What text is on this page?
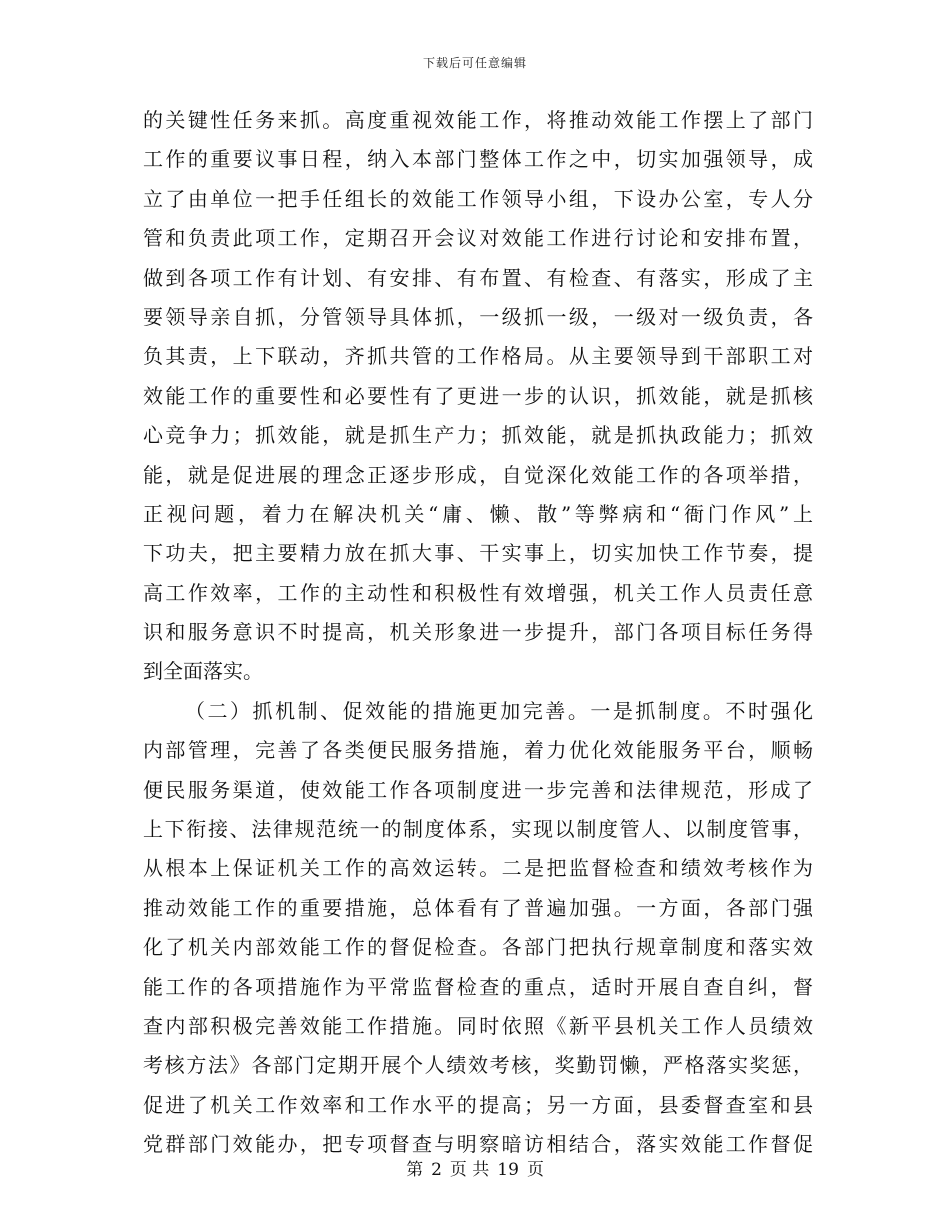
下载后可任意编辑
的关键性任务来抓。高度重视效能工作，将推动效能工作摆上了部门
工作的重要议事日程，纳入本部门整体工作之中，切实加强领导，成
立了由单位一把手任组长的效能工作领导小组，下设办公室，专人分
管和负责此项工作，定期召开会议对效能工作进行讨论和安排布置，
做到各项工作有计划、有安排、有布置、有检查、有落实，形成了主
要领导亲自抓，分管领导具体抓，一级抓一级，一级对一级负责，各
负其责，上下联动，齐抓共管的工作格局。从主要领导到干部职工对
效能工作的重要性和必要性有了更进一步的认识，抓效能，就是抓核
心竞争力；抓效能，就是抓生产力；抓效能，就是抓执政能力；抓效
能，就是促进展的理念正逐步形成，自觉深化效能工作的各项举措，
正视问题，着力在解决机关“庸、懒、散”等弊病和“衙门作风”上
下功夫，把主要精力放在抓大事、干实事上，切实加快工作节奏，提
高工作效率，工作的主动性和积极性有效增强，机关工作人员责任意
识和服务意识不时提高，机关形象进一步提升，部门各项目标任务得
到全面落实。
（二）抓机制、促效能的措施更加完善。一是抓制度。不时强化
内部管理，完善了各类便民服务措施，着力优化效能服务平台，顺畅
便民服务渠道，使效能工作各项制度进一步完善和法律规范，形成了
上下衔接、法律规范统一的制度体系，实现以制度管人、以制度管事，
从根本上保证机关工作的高效运转。二是把监督检查和绩效考核作为
推动效能工作的重要措施，总体看有了普遍加强。一方面，各部门强
化了机关内部效能工作的督促检查。各部门把执行规章制度和落实效
能工作的各项措施作为平常监督检查的重点，适时开展自查自纠，督
查内部积极完善效能工作措施。同时依照《新平县机关工作人员绩效
考核方法》各部门定期开展个人绩效考核，奖勤罚懒，严格落实奖惩，
促进了机关工作效率和工作水平的提高；另一方面，县委督查室和县
党群部门效能办，把专项督查与明察暗访相结合，落实效能工作督促
第 2 页 共 19 页
